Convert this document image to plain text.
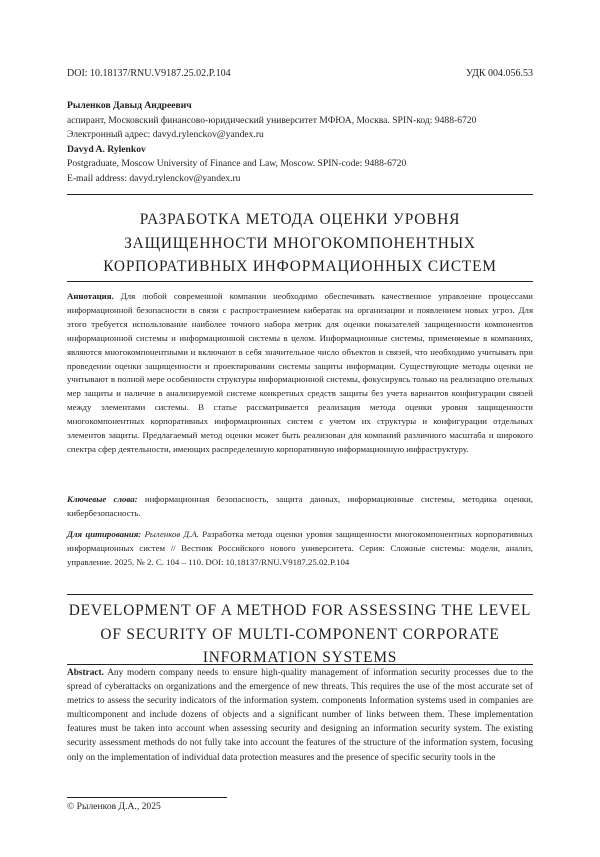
DOI: 10.18137/RNU.V9187.25.02.P.104	УДК 004.056.53
Рыленков Давыд Андреевич
аспирант, Московский финансово-юридический университет МФЮА, Москва. SPIN-код: 9488-6720
Электронный адрес: davyd.rylenckov@yandex.ru
Davyd A. Rylenkov
Postgraduate, Moscow University of Finance and Law, Moscow. SPIN-code: 9488-6720
E-mail address: davyd.rylenckov@yandex.ru
РАЗРАБОТКА МЕТОДА ОЦЕНКИ УРОВНЯ ЗАЩИЩЕННОСТИ МНОГОКОМПОНЕНТНЫХ КОРПОРАТИВНЫХ ИНФОРМАЦИОННЫХ СИСТЕМ

Аннотация. Для любой современной компании необходимо обеспечивать качественное управление процессами информационной безопасности в связи с распространением кибератак на организации и появлением новых угроз. Для этого требуется использование наиболее точного набора метрик для оценки показателей защищенности компонентов информационной системы и информационной системы в целом. Информационные системы, применяемые в компаниях, являются многокомпонентными и включают в себя значительное число объектов и связей, что необходимо учитывать при проведении оценки защищенности и проектировании системы защиты информации. Существующие методы оценки не учитывают в полной мере особенности структуры информационной системы, фокусируясь только на реализацию отельных мер защиты и наличие в анализируемой системе конкретных средств защиты без учета вариантов конфигурации связей между элементами системы. В статье рассматривается реализация метода оценки уровня защищенности многокомпонентных корпоративных информационных систем с учетом их структуры и конфигурации отдельных элементов защиты. Предлагаемый метод оценки может быть реализован для компаний различного масштаба и широкого спектра сфер деятельности, имеющих распределенную корпоративную информационную инфраструктуру.

Ключевые слова: информационная безопасность, защита данных, информационные системы, методика оценки, кибербезопасность.

Для цитирования: Рыленков Д.А. Разработка метода оценки уровня защищенности многокомпонентных корпоративных информационных систем // Вестник Российского нового университета. Серия: Сложные системы: модели, анализ, управление. 2025. № 2. С. 104 – 110. DOI: 10.18137/RNU.V9187.25.02.P.104

DEVELOPMENT OF A METHOD FOR ASSESSING THE LEVEL OF SECURITY OF MULTI-COMPONENT CORPORATE INFORMATION SYSTEMS

Abstract. Any modern company needs to ensure high-quality management of information security processes due to the spread of cyberattacks on organizations and the emergence of new threats. This requires the use of the most accurate set of metrics to assess the security indicators of the information system. components Information systems used in companies are multicomponent and include dozens of objects and a significant number of links between them. These implementation features must be taken into account when assessing security and designing an information security system. The existing security assessment methods do not fully take into account the features of the structure of the information system, focusing only on the implementation of individual data protection measures and the presence of specific security tools in the

© Рыленков Д.А., 2025
